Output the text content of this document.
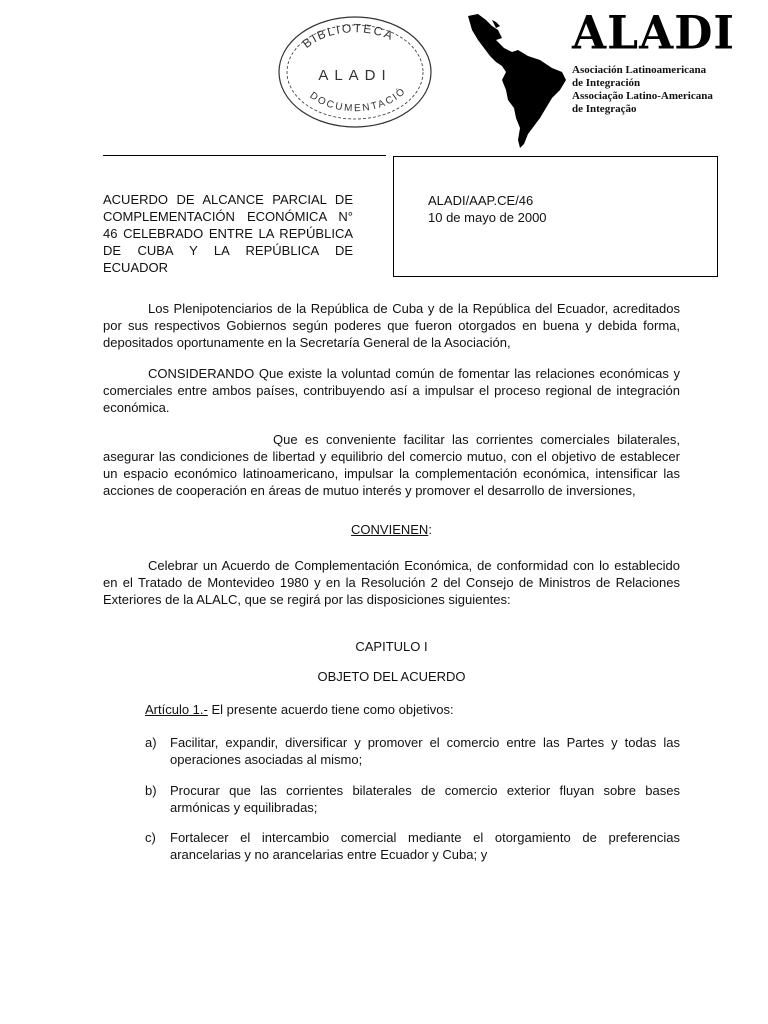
BIBLIOTECA
ALADI
DOCUMENTACIÓ
ALADI
Asociación Latinoamericana
de Integración
Associação Latino-Americana
de Integração
ACUERDO DE ALCANCE PARCIAL DE COMPLEMENTACIÓN ECONÓMICA N° 46 CELEBRADO ENTRE LA REPÚBLICA DE CUBA Y LA REPÚBLICA DE ECUADOR
ALADI/AAP.CE/46
10 de mayo de 2000
Los Plenipotenciarios de la República de Cuba y de la República del Ecuador, acreditados por sus respectivos Gobiernos según poderes que fueron otorgados en buena y debida forma, depositados oportunamente en la Secretaría General de la Asociación,
CONSIDERANDO Que existe la voluntad común de fomentar las relaciones económicas y comerciales entre ambos países, contribuyendo así a impulsar el proceso regional de integración económica.
Que es conveniente facilitar las corrientes comerciales bilaterales, asegurar las condiciones de libertad y equilibrio del comercio mutuo, con el objetivo de establecer un espacio económico latinoamericano, impulsar la complementación económica, intensificar las acciones de cooperación en áreas de mutuo interés y promover el desarrollo de inversiones,
CONVIENEN:
Celebrar un Acuerdo de Complementación Económica, de conformidad con lo establecido en el Tratado de Montevideo 1980 y en la Resolución 2 del Consejo de Ministros de Relaciones Exteriores de la ALALC, que se regirá por las disposiciones siguientes:
CAPITULO I
OBJETO DEL ACUERDO
Artículo 1.- El presente acuerdo tiene como objetivos:
a) Facilitar, expandir, diversificar y promover el comercio entre las Partes y todas las operaciones asociadas al mismo;
b) Procurar que las corrientes bilaterales de comercio exterior fluyan sobre bases armónicas y equilibradas;
c) Fortalecer el intercambio comercial mediante el otorgamiento de preferencias arancelarias y no arancelarias entre Ecuador y Cuba; y
